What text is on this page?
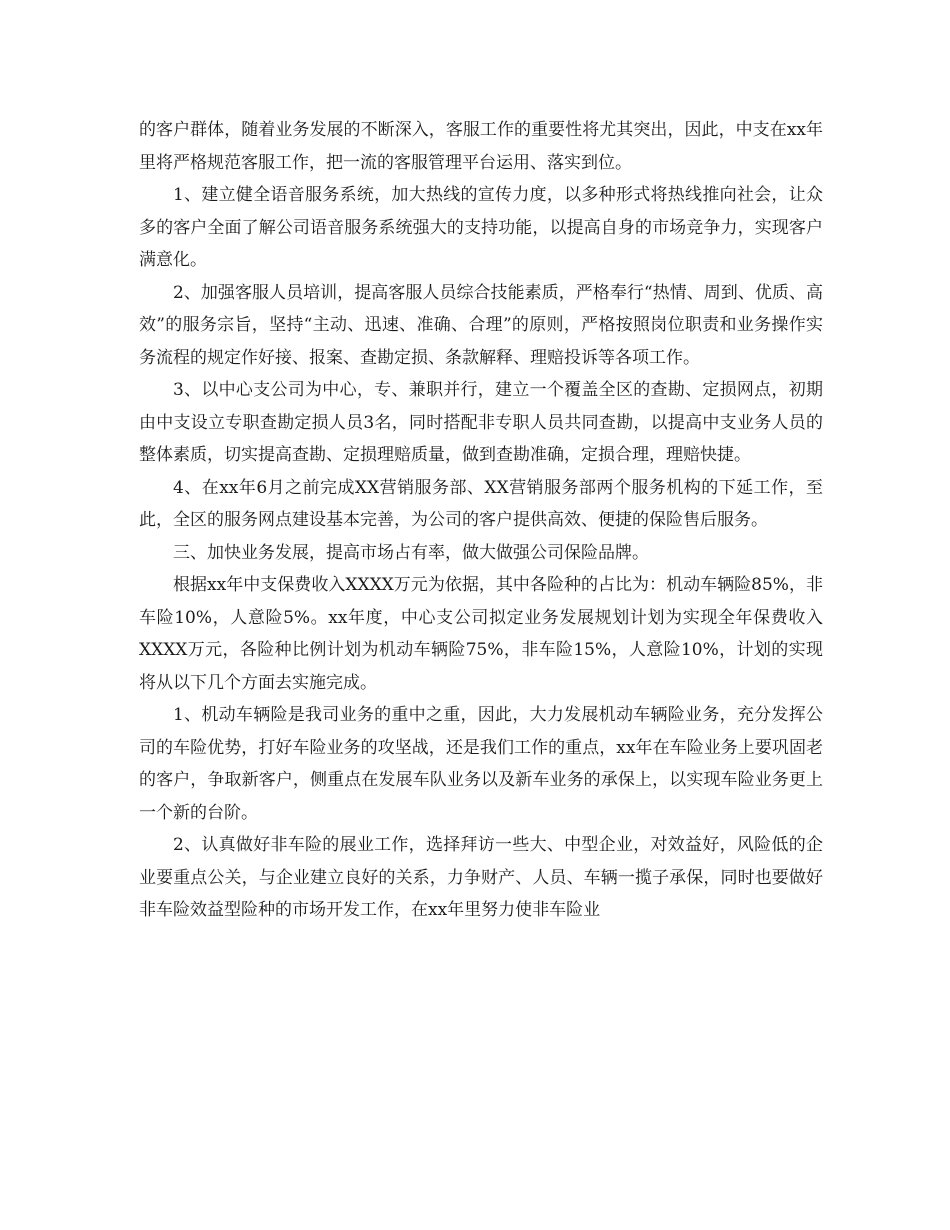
的客户群体，随着业务发展的不断深入，客服工作的重要性将尤其突出，因此，中支在xx年里将严格规范客服工作，把一流的客服管理平台运用、落实到位。

1、建立健全语音服务系统，加大热线的宣传力度，以多种形式将热线推向社会，让众多的客户全面了解公司语音服务系统强大的支持功能，以提高自身的市场竞争力，实现客户满意化。

2、加强客服人员培训，提高客服人员综合技能素质，严格奉行“热情、周到、优质、高效”的服务宗旨，坚持“主动、迅速、准确、合理”的原则，严格按照岗位职责和业务操作实务流程的规定作好接、报案、查勘定损、条款解释、理赔投诉等各项工作。

3、以中心支公司为中心，专、兼职并行，建立一个覆盖全区的查勘、定损网点，初期由中支设立专职查勘定损人员3名，同时搭配非专职人员共同查勘，以提高中支业务人员的整体素质，切实提高查勘、定损理赔质量，做到查勘准确，定损合理，理赔快捷。

4、在xx年6月之前完成XX营销服务部、XX营销服务部两个服务机构的下延工作，至此，全区的服务网点建设基本完善，为公司的客户提供高效、便捷的保险售后服务。

三、加快业务发展，提高市场占有率，做大做强公司保险品牌。

根据xx年中支保费收入XXXX万元为依据，其中各险种的占比为：机动车辆险85%，非车险10%，人意险5%。xx年度，中心支公司拟定业务发展规划计划为实现全年保费收入XXXX万元，各险种比例计划为机动车辆险75%，非车险15%，人意险10%，计划的实现将从以下几个方面去实施完成。

1、机动车辆险是我司业务的重中之重，因此，大力发展机动车辆险业务，充分发挥公司的车险优势，打好车险业务的攻坚战，还是我们工作的重点，xx年在车险业务上要巩固老的客户，争取新客户，侧重点在发展车队业务以及新车业务的承保上，以实现车险业务更上一个新的台阶。

2、认真做好非车险的展业工作，选择拜访一些大、中型企业，对效益好，风险低的企业要重点公关，与企业建立良好的关系，力争财产、人员、车辆一揽子承保，同时也要做好非车险效益型险种的市场开发工作，在xx年里努力使非车险业
